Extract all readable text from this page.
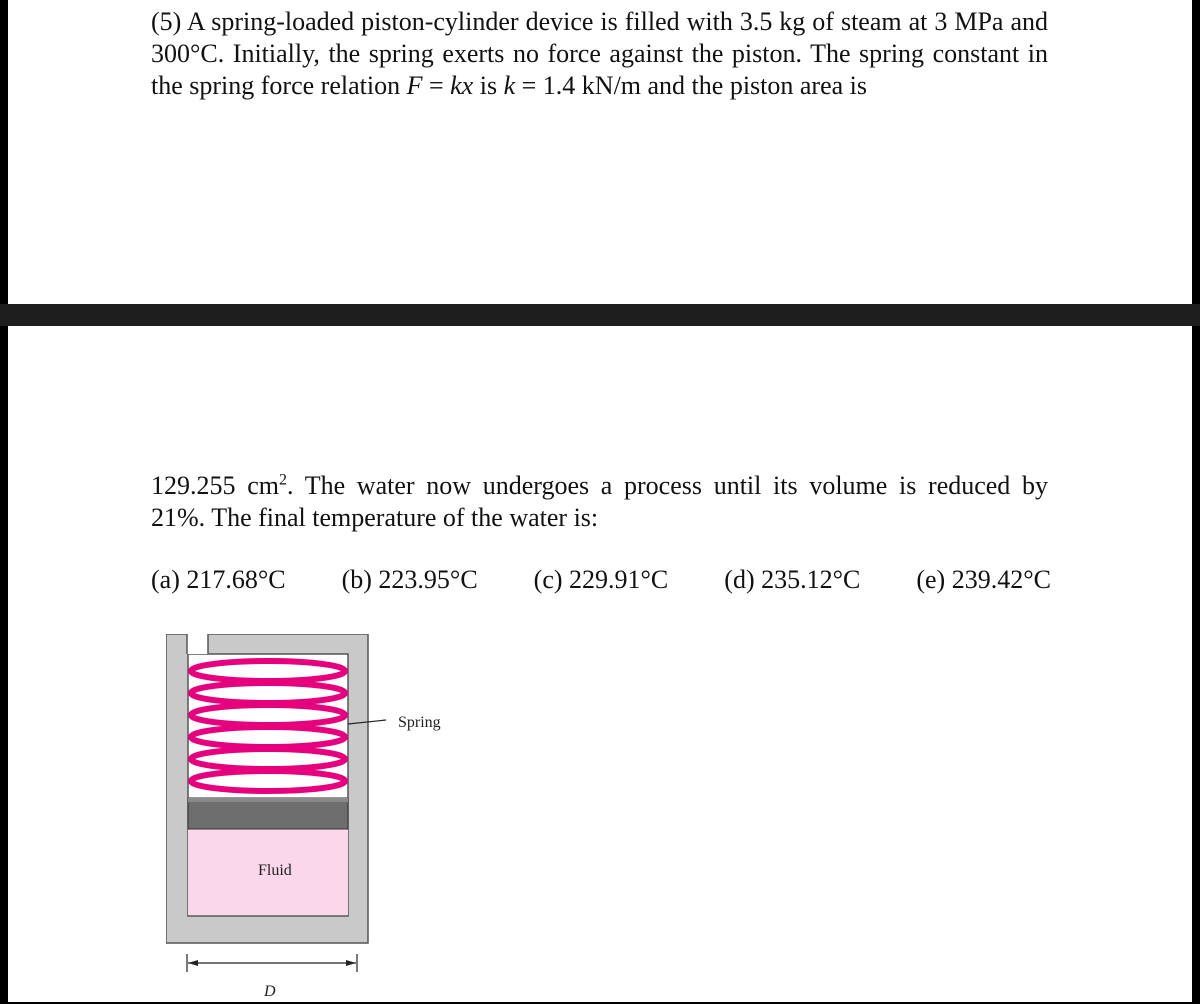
(5) A spring-loaded piston-cylinder device is filled with 3.5 kg of steam at 3 MPa and 300°C. Initially, the spring exerts no force against the piston. The spring constant in the spring force relation F = kx is k = 1.4 kN/m and the piston area is

129.255 $cm^2$. The water now undergoes a process until its volume is reduced by

21%. The final temperature of the water is:

(a) 217.68°C (b) 223.95°C (c) 229.91°C (d) 235.12°C (e) 239.42°C
Spring
Fluid
D
